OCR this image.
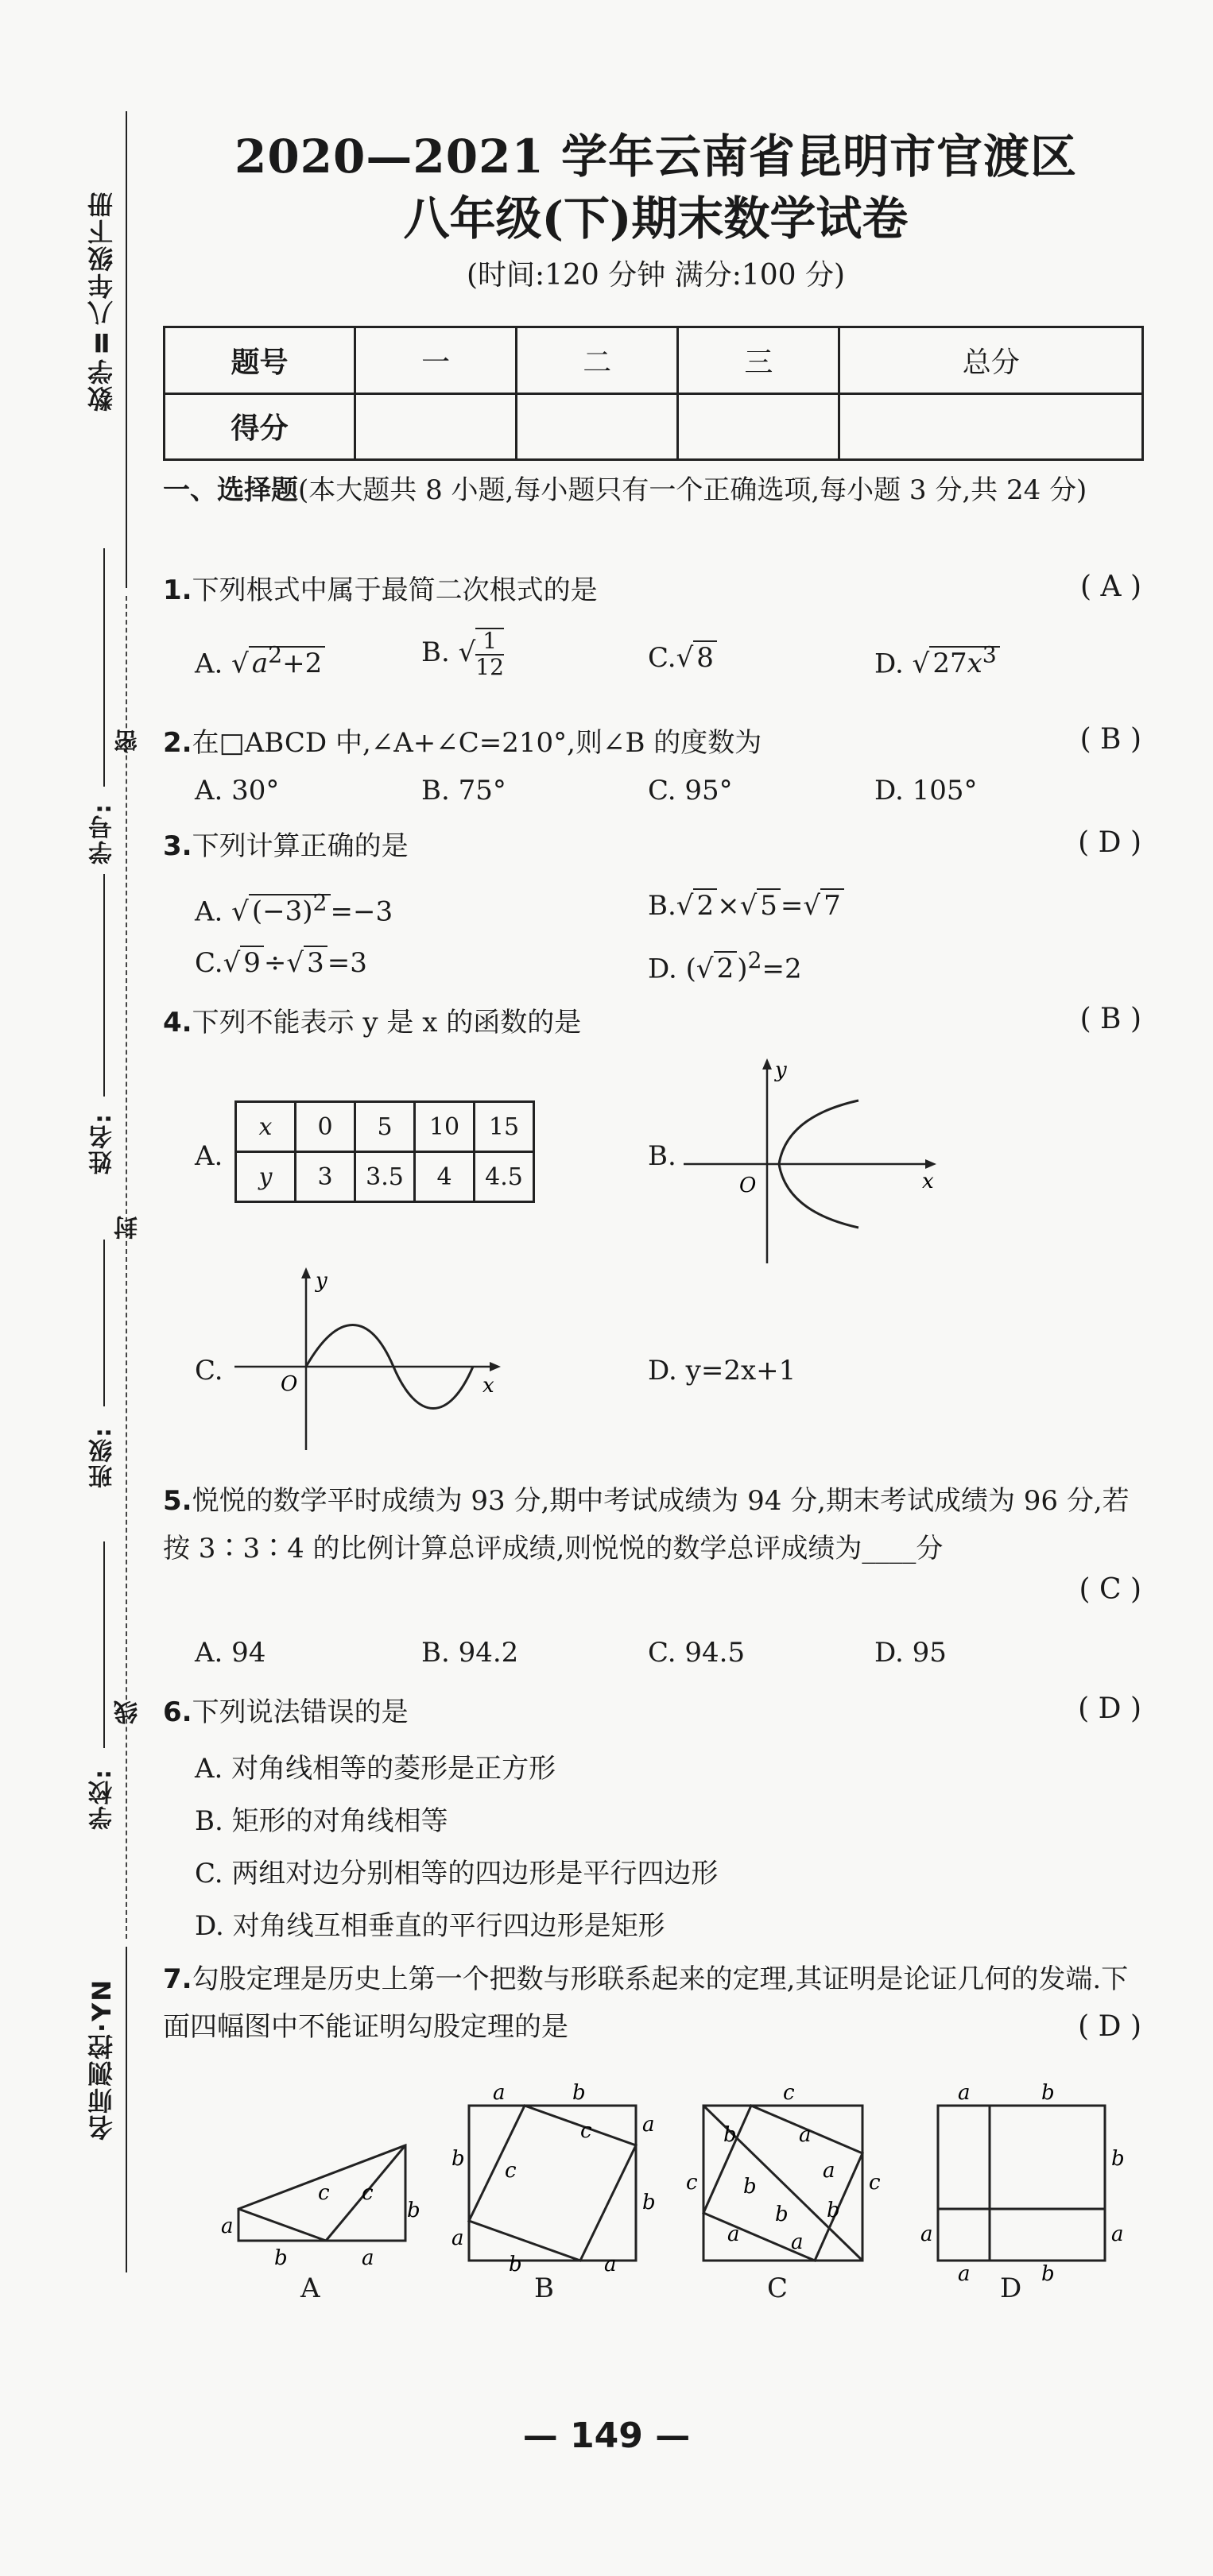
数学Ⅱ八年级下册
学号:
密
姓名:
封
班级:
线
学校:
名师测控·YN
2020—2021 学年云南省昆明市官渡区
八年级(下)期末数学试卷
(时间:120 分钟 满分:100 分)
题号	一	二	三	总分
得分				
一、选择题(本大题共 8 小题,每小题只有一个正确选项,每小题 3 分,共 24 分)
1.下列根式中属于最简二次根式的是	( A )
A. √ $a^2+2$	B. √ $\frac{1}{12}$	C.√ 8	D. √ $27x^3$
2.在□ABCD 中,∠A+∠C=210°,则∠B 的度数为	( B )
A. 30°	B. 75°	C. 95°	D. 105°
3.下列计算正确的是	( D )
A. √ $(-3)^2 =-3$	B.√ 2 ×√ 5 =√ 7
C.√ 9 ÷√ 3 =3	D. (√ 2 )$^2$=2
4.下列不能表示 y 是 x 的函数的是	( B )
A.
x	0	5	10	15
y	3	3.5	4	4.5
B.
y
x
O
C.
y
x
O	D. y=2x+1
5.悦悦的数学平时成绩为 93 分,期中考试成绩为 94 分,期末考试成绩为 96 分,若按 3∶3∶4 的比例计算总评成绩,则悦悦的数学总评成绩为____分
( C )
A. 94	B. 94.2	C. 94.5	D. 95
6.下列说法错误的是	( D )
A. 对角线相等的菱形是正方形
B. 矩形的对角线相等
C. 两组对边分别相等的四边形是平行四边形
D. 对角线互相垂直的平行四边形是矩形
7.勾股定理是历史上第一个把数与形联系起来的定理,其证明是论证几何的发端.下面四幅图中不能证明勾股定理的是	( D )
a
c c
b	a
b
A
a	b
b
a
a
b
b	a
c
c
B
c
c	c
b
b
a
a
a
b
a
b
C
a	b
b
a	a
a	b
D
— 149 —
